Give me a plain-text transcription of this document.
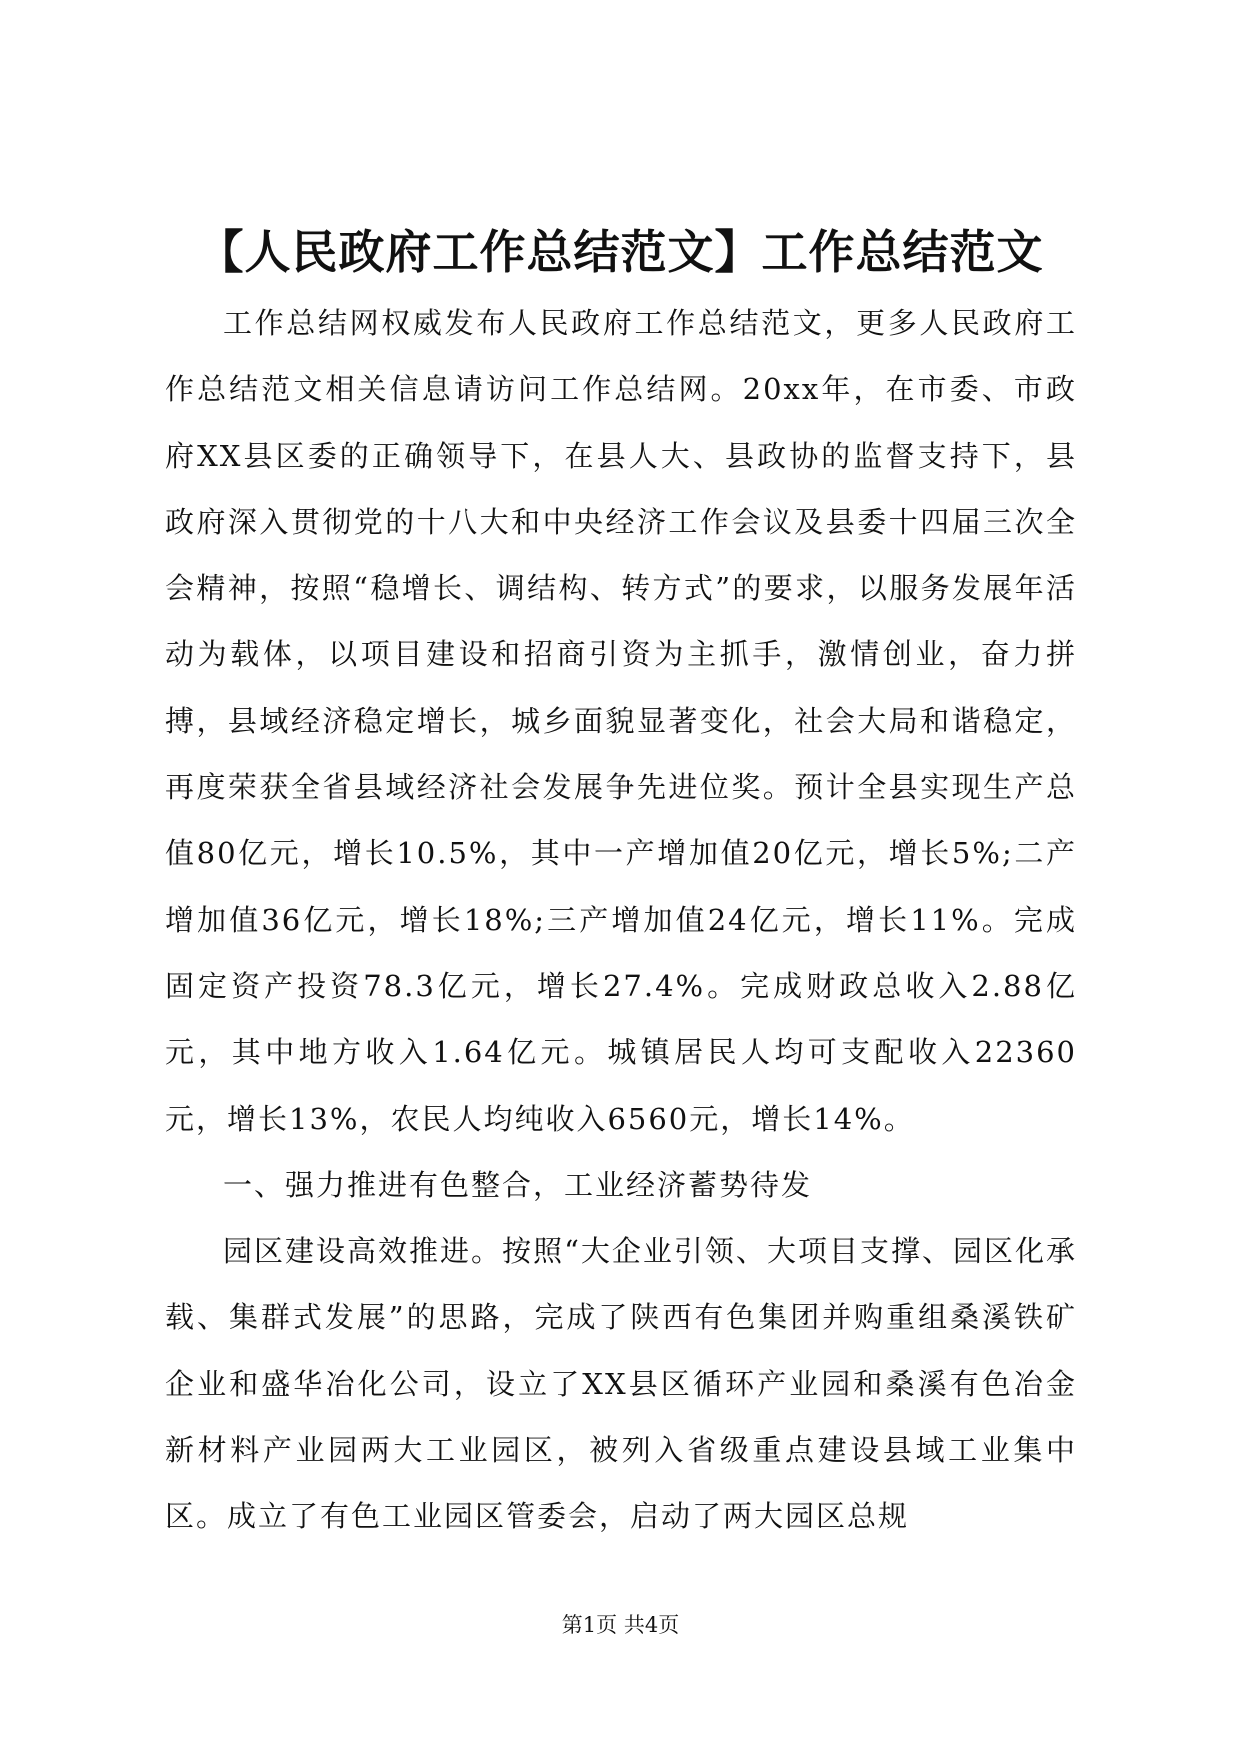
【人民政府工作总结范文】工作总结范文

工作总结网权威发布人民政府工作总结范文，更多人民政府工作总结范文相关信息请访问工作总结网。20xx年，在市委、市政府XX县区委的正确领导下，在县人大、县政协的监督支持下，县政府深入贯彻党的十八大和中央经济工作会议及县委十四届三次全会精神，按照“稳增长、调结构、转方式”的要求，以服务发展年活动为载体，以项目建设和招商引资为主抓手，激情创业，奋力拼搏，县域经济稳定增长，城乡面貌显著变化，社会大局和谐稳定，再度荣获全省县域经济社会发展争先进位奖。预计全县实现生产总值80亿元，增长10.5%，其中一产增加值20亿元，增长5%;二产增加值36亿元，增长18%;三产增加值24亿元，增长11%。完成固定资产投资78.3亿元，增长27.4%。完成财政总收入2.88亿元，其中地方收入1.64亿元。城镇居民人均可支配收入22360元，增长13%，农民人均纯收入6560元，增长14%。

一、强力推进有色整合，工业经济蓄势待发

园区建设高效推进。按照“大企业引领、大项目支撑、园区化承载、集群式发展”的思路，完成了陕西有色集团并购重组桑溪铁矿企业和盛华冶化公司，设立了XX县区循环产业园和桑溪有色冶金新材料产业园两大工业园区，被列入省级重点建设县域工业集中区。成立了有色工业园区管委会，启动了两大园区总规

第1页 共4页
